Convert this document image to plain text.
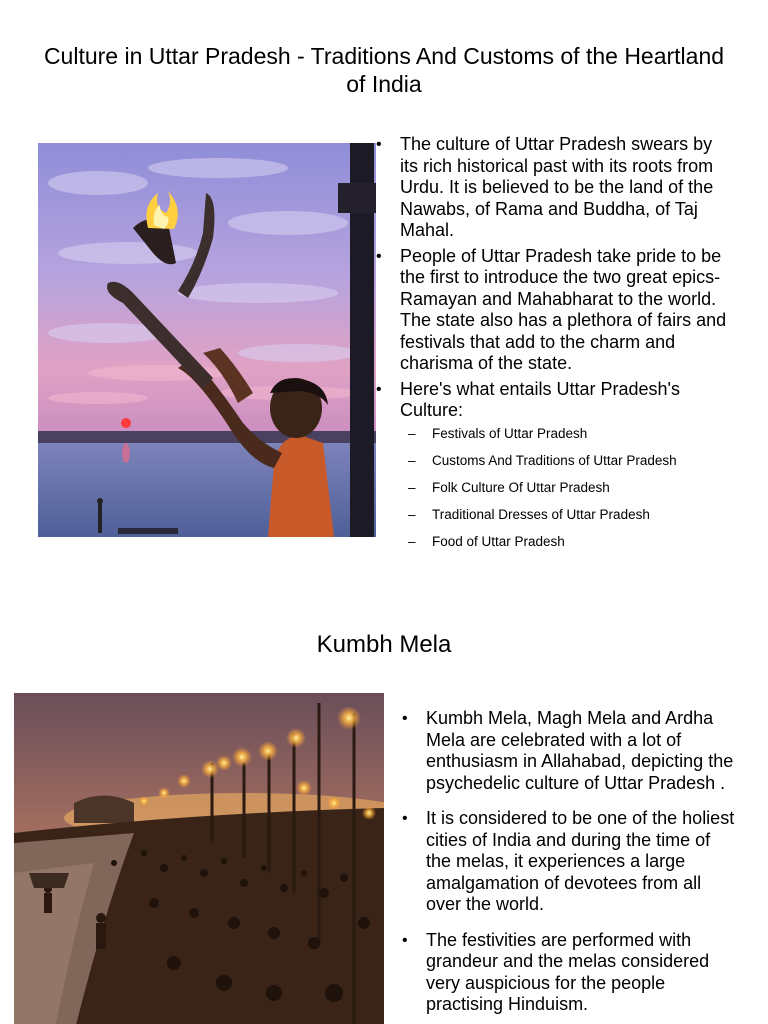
Culture in Uttar Pradesh - Traditions And Customs of the Heartland of India
• The culture of Uttar Pradesh swears by its rich historical past with its roots from Urdu. It is believed to be the land of the Nawabs, of Rama and Buddha, of Taj Mahal.
• People of Uttar Pradesh take pride to be the first to introduce the two great epics- Ramayan and Mahabharat to the world. The state also has a plethora of fairs and festivals that add to the charm and charisma of the state.
• Here's what entails Uttar Pradesh's Culture:
– Festivals of Uttar Pradesh
– Customs And Traditions of Uttar Pradesh
– Folk Culture Of Uttar Pradesh
– Traditional Dresses of Uttar Pradesh
– Food of Uttar Pradesh
Kumbh Mela
• Kumbh Mela, Magh Mela and Ardha Mela are celebrated with a lot of enthusiasm in Allahabad, depicting the psychedelic culture of Uttar Pradesh .
• It is considered to be one of the holiest cities of India and during the time of the melas, it experiences a large amalgamation of devotees from all over the world.
• The festivities are performed with grandeur and the melas considered very auspicious for the people practising Hinduism.
